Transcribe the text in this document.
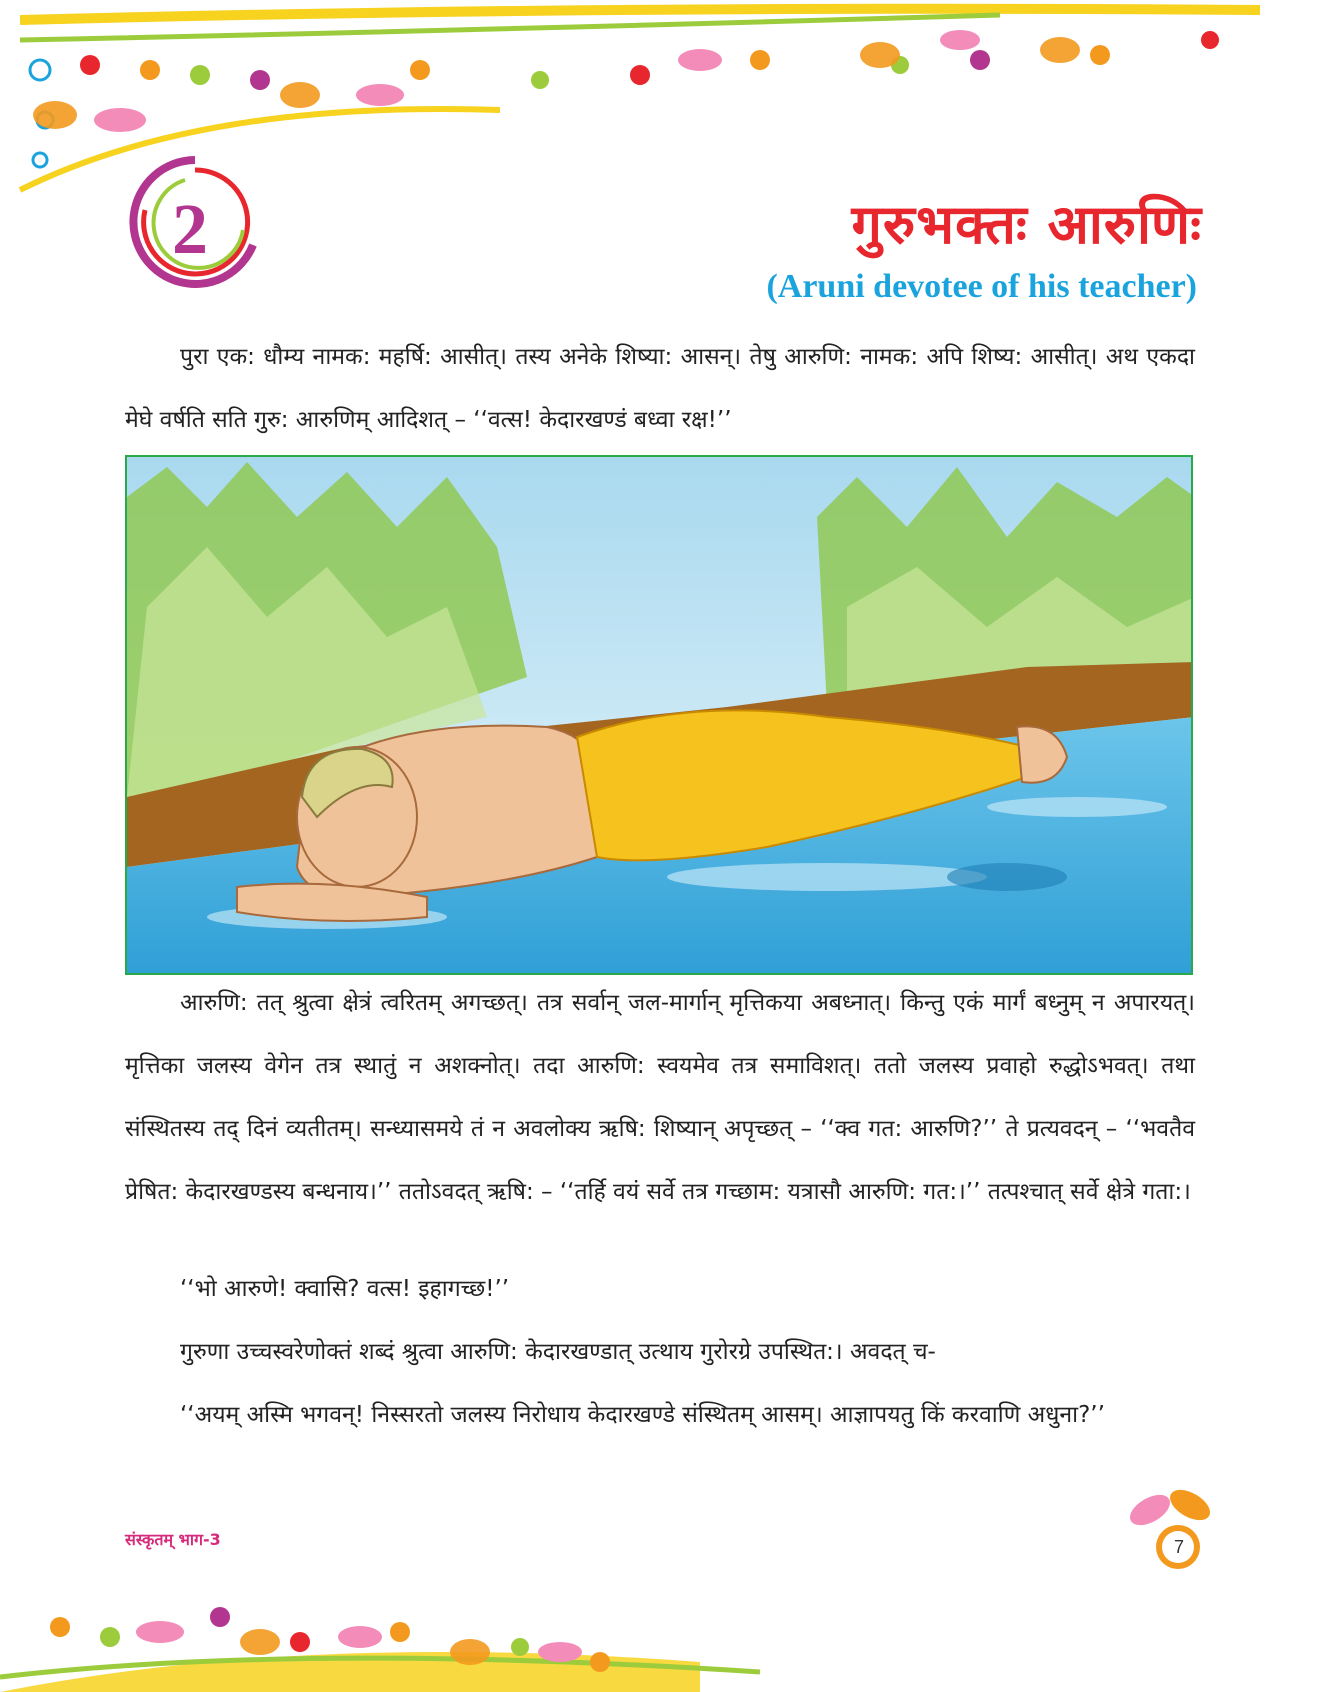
2	गुरुभक्तः आरुणिः
(Aruni devotee of his teacher)
पुरा एक: धौम्य नामक: महर्षि: आसीत्। तस्य अनेके शिष्या: आसन्। तेषु आरुणि: नामक: अपि शिष्य: आसीत्। अथ एकदा मेघे वर्षति सति गुरु: आरुणिम् आदिशत् – ‘‘वत्स! केदारखण्डं बध्वा रक्ष!’’
आरुणि: तत् श्रुत्वा क्षेत्रं त्वरितम् अगच्छत्। तत्र सर्वान् जल-मार्गान् मृत्तिकया अबध्नात्। किन्तु एकं मार्गं बध्नुम् न अपारयत्। मृत्तिका जलस्य वेगेन तत्र स्थातुं न अशक्नोत्। तदा आरुणि: स्वयमेव तत्र समाविशत्। ततो जलस्य प्रवाहो रुद्धोऽभवत्। तथा संस्थितस्य तद् दिनं व्यतीतम्। सन्ध्यासमये तं न अवलोक्य ऋषि: शिष्यान् अपृच्छत् – ‘‘क्व गत: आरुणि?’’ ते प्रत्यवदन् – ‘‘भवतैव प्रेषित: केदारखण्डस्य बन्धनाय।’’ ततोऽवदत् ऋषि: – ‘‘तर्हि वयं सर्वे तत्र गच्छाम: यत्रासौ आरुणि: गत:।’’ तत्पश्चात् सर्वे क्षेत्रे गता:।
‘‘भो आरुणे! क्वासि? वत्स! इहागच्छ!’’
गुरुणा उच्चस्वरेणोक्तं शब्दं श्रुत्वा आरुणि: केदारखण्डात् उत्थाय गुरोरग्रे उपस्थित:। अवदत् च-
‘‘अयम् अस्मि भगवन्! निस्सरतो जलस्य निरोधाय केदारखण्डे संस्थितम् आसम्। आज्ञापयतु किं करवाणि अधुना?’’
संस्कृतम् भाग-3	7
